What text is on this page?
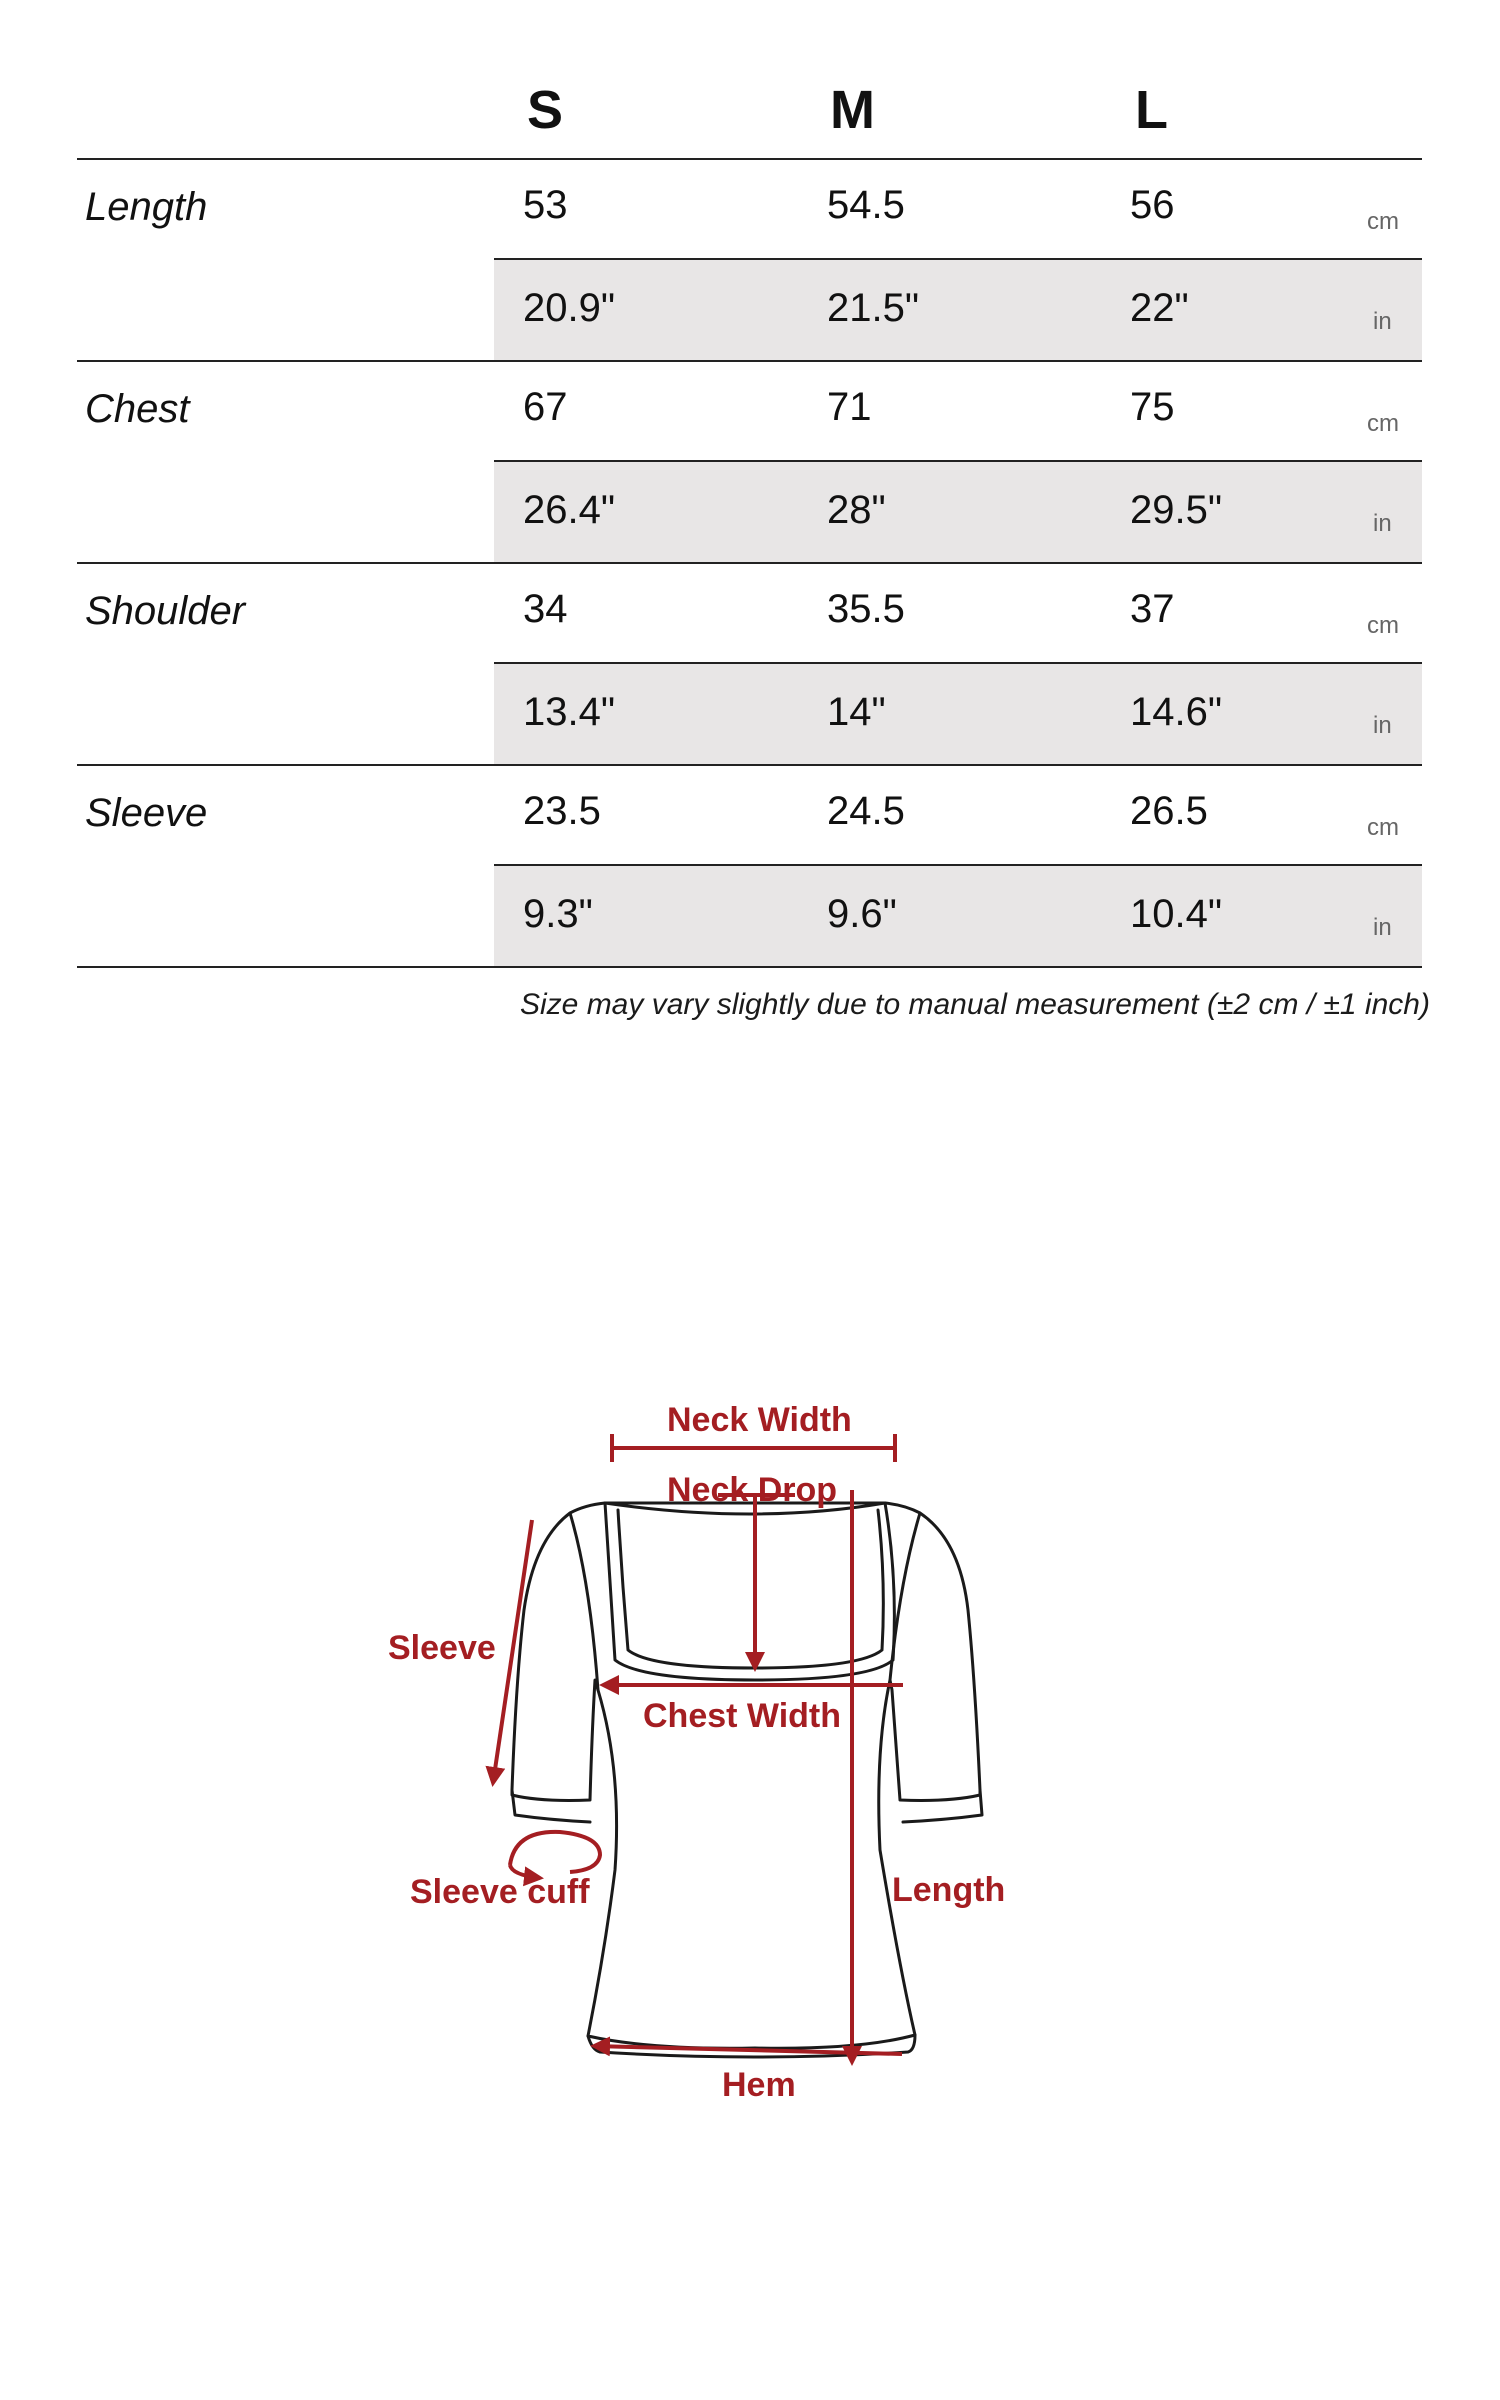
S	M	L
Length	53	54.5	56	cm
20.9"	21.5"	22"	in
Chest	67	71	75	cm
26.4"	28"	29.5"	in
Shoulder	34	35.5	37	cm
13.4"	14"	14.6"	in
Sleeve	23.5	24.5	26.5	cm
9.3"	9.6"	10.4"	in
Size may vary slightly due to manual measurement (±2 cm / ±1 inch)
Neck Width
Neck Drop
Sleeve
Chest Width
Sleeve cuff	Length
Hem
